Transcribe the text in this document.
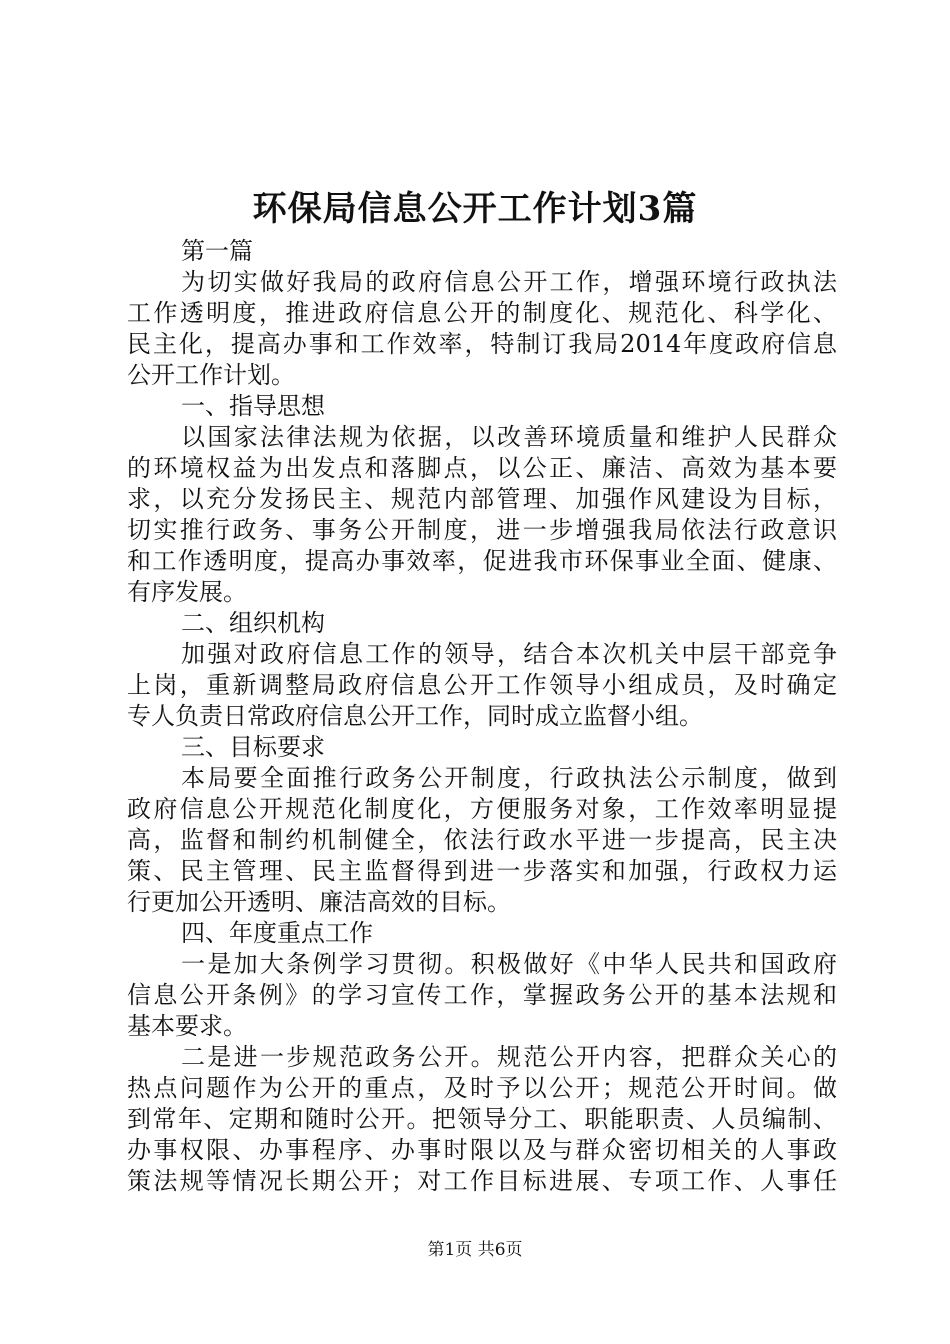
环保局信息公开工作计划3篇
第一篇
为切实做好我局的政府信息公开工作，增强环境行政执法
工作透明度，推进政府信息公开的制度化、规范化、科学化、
民主化，提高办事和工作效率，特制订我局2014年度政府信息
公开工作计划。
一、指导思想
以国家法律法规为依据，以改善环境质量和维护人民群众
的环境权益为出发点和落脚点，以公正、廉洁、高效为基本要
求，以充分发扬民主、规范内部管理、加强作风建设为目标，
切实推行政务、事务公开制度，进一步增强我局依法行政意识
和工作透明度，提高办事效率，促进我市环保事业全面、健康、
有序发展。
二、组织机构
加强对政府信息工作的领导，结合本次机关中层干部竞争
上岗，重新调整局政府信息公开工作领导小组成员，及时确定
专人负责日常政府信息公开工作，同时成立监督小组。
三、目标要求
本局要全面推行政务公开制度，行政执法公示制度，做到
政府信息公开规范化制度化，方便服务对象，工作效率明显提
高，监督和制约机制健全，依法行政水平进一步提高，民主决
策、民主管理、民主监督得到进一步落实和加强，行政权力运
行更加公开透明、廉洁高效的目标。
四、年度重点工作
一是加大条例学习贯彻。积极做好《中华人民共和国政府
信息公开条例》的学习宣传工作，掌握政务公开的基本法规和
基本要求。
二是进一步规范政务公开。规范公开内容，把群众关心的
热点问题作为公开的重点，及时予以公开；规范公开时间。做
到常年、定期和随时公开。把领导分工、职能职责、人员编制、
办事权限、办事程序、办事时限以及与群众密切相关的人事政
策法规等情况长期公开；对工作目标进展、专项工作、人事任
第1页 共6页
